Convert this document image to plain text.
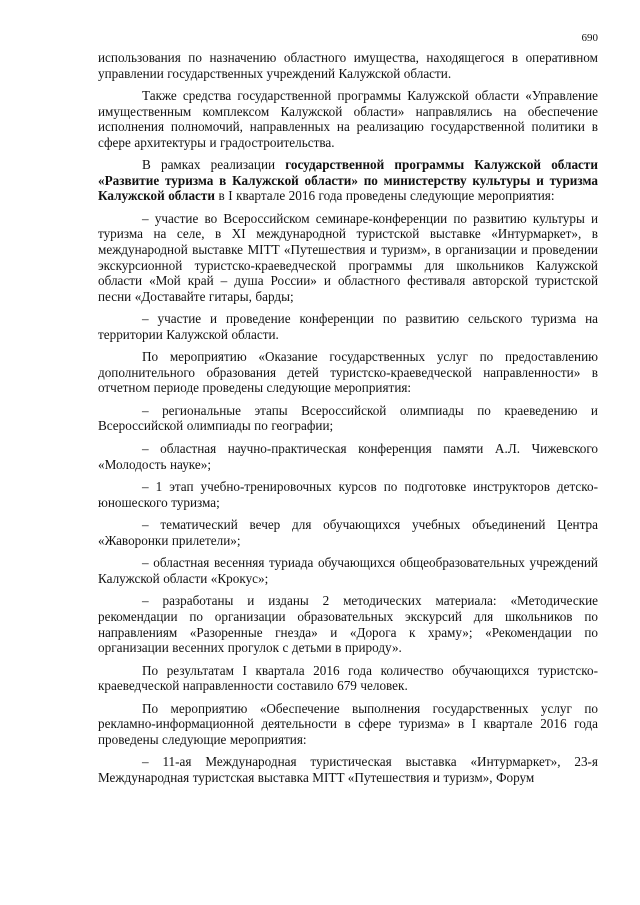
690

использования по назначению областного имущества, находящегося в оперативном управлении государственных учреждений Калужской области.

Также средства государственной программы Калужской области «Управление имущественным комплексом Калужской области» направлялись на обеспечение исполнения полномочий, направленных на реализацию государственной политики в сфере архитектуры и градостроительства.

В рамках реализации государственной программы Калужской области «Развитие туризма в Калужской области» по министерству культуры и туризма Калужской области в I квартале 2016 года проведены следующие мероприятия:

– участие во Всероссийском семинаре-конференции по развитию культуры и туризма на селе, в XI международной туристской выставке «Интурмаркет», в международной выставке МITT «Путешествия и туризм», в организации и проведении экскурсионной туристско-краеведческой программы для школьников Калужской области «Мой край – душа России» и областного фестиваля авторской туристской песни «Доставайте гитары, барды;

– участие и проведение конференции по развитию сельского туризма на территории Калужской области.

По мероприятию «Оказание государственных услуг по предоставлению дополнительного образования детей туристско-краеведческой направленности» в отчетном периоде проведены следующие мероприятия:

– региональные этапы Всероссийской олимпиады по краеведению и Всероссийской олимпиады по географии;

– областная научно-практическая конференция памяти А.Л. Чижевского «Молодость науке»;

– 1 этап учебно-тренировочных курсов по подготовке инструкторов детско-юношеского туризма;

– тематический вечер для обучающихся учебных объединений Центра «Жаворонки прилетели»;

– областная весенняя туриада обучающихся общеобразовательных учреждений Калужской области «Крокус»;

– разработаны и изданы 2 методических материала: «Методические рекомендации по организации образовательных экскурсий для школьников по направлениям «Разоренные гнезда» и «Дорога к храму»; «Рекомендации по организации весенних прогулок с детьми в природу».

По результатам I квартала 2016 года количество обучающихся туристско-краеведческой направленности составило 679 человек.

По мероприятию «Обеспечение выполнения государственных услуг по рекламно-информационной деятельности в сфере туризма» в I квартале 2016 года проведены следующие мероприятия:

– 11-ая Международная туристическая выставка «Интурмаркет», 23-я Международная туристская выставка МITT «Путешествия и туризм», Форум
